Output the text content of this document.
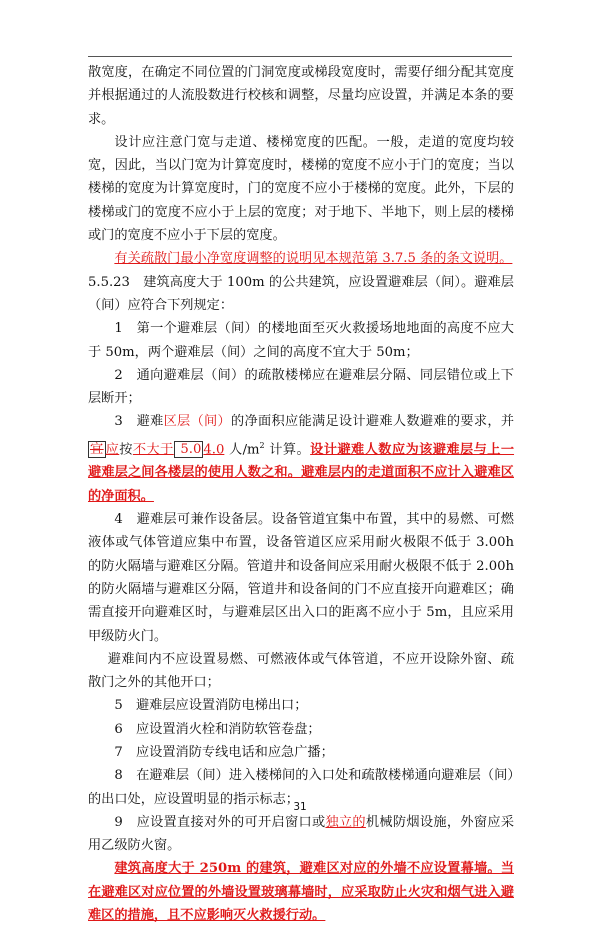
散宽度，在确定不同位置的门洞宽度或梯段宽度时，需要仔细分配其宽度并根据通过的人流股数进行校核和调整，尽量均应设置，并满足本条的要求。

设计应注意门宽与走道、楼梯宽度的匹配。一般，走道的宽度均较宽，因此，当以门宽为计算宽度时，楼梯的宽度不应小于门的宽度；当以楼梯的宽度为计算宽度时，门的宽度不应小于楼梯的宽度。此外，下层的楼梯或门的宽度不应小于上层的宽度；对于地下、半地下，则上层的楼梯或门的宽度不应小于下层的宽度。

有关疏散门最小净宽度调整的说明见本规范第 3.7.5 条的条文说明。

5.5.23　建筑高度大于 100m 的公共建筑，应设置避难层（间）。避难层（间）应符合下列规定：

1　第一个避难层（间）的楼地面至灭火救援场地地面的高度不应大于 50m，两个避难层（间）之间的高度不宜大于 50m；

2　通向避难层（间）的疏散楼梯应在避难层分隔、同层错位或上下层断开；

3　避难区层（间）的净面积应能满足设计避难人数避难的要求，并宜 应按不大于 5.0 4.0 人$/m^2$ 计算。设计避难人数应为该避难层与上一避难层之间各楼层的使用人数之和。避难层内的走道面积不应计入避难区的净面积。

4　避难层可兼作设备层。设备管道宜集中布置，其中的易燃、可燃液体或气体管道应集中布置，设备管道区应采用耐火极限不低于 3.00h 的防火隔墙与避难区分隔。管道井和设备间应采用耐火极限不低于 2.00h 的防火隔墙与避难区分隔，管道井和设备间的门不应直接开向避难区；确需直接开向避难区时，与避难层区出入口的距离不应小于 5m，且应采用甲级防火门。

避难间内不应设置易燃、可燃液体或气体管道，不应开设除外窗、疏散门之外的其他开口；

5　避难层应设置消防电梯出口；

6　应设置消火栓和消防软管卷盘；

7　应设置消防专线电话和应急广播；

8　在避难层（间）进入楼梯间的入口处和疏散楼梯通向避难层（间）的出口处，应设置明显的指示标志；

9　应设置直接对外的可开启窗口或独立的机械防烟设施，外窗应采用乙级防火窗。

建筑高度大于 250m 的建筑，避难区对应的外墙不应设置幕墙。当在避难区对应位置的外墙设置玻璃幕墙时，应采取防止火灾和烟气进入避难区的措施，且不应影响灭火救援行动。

31
